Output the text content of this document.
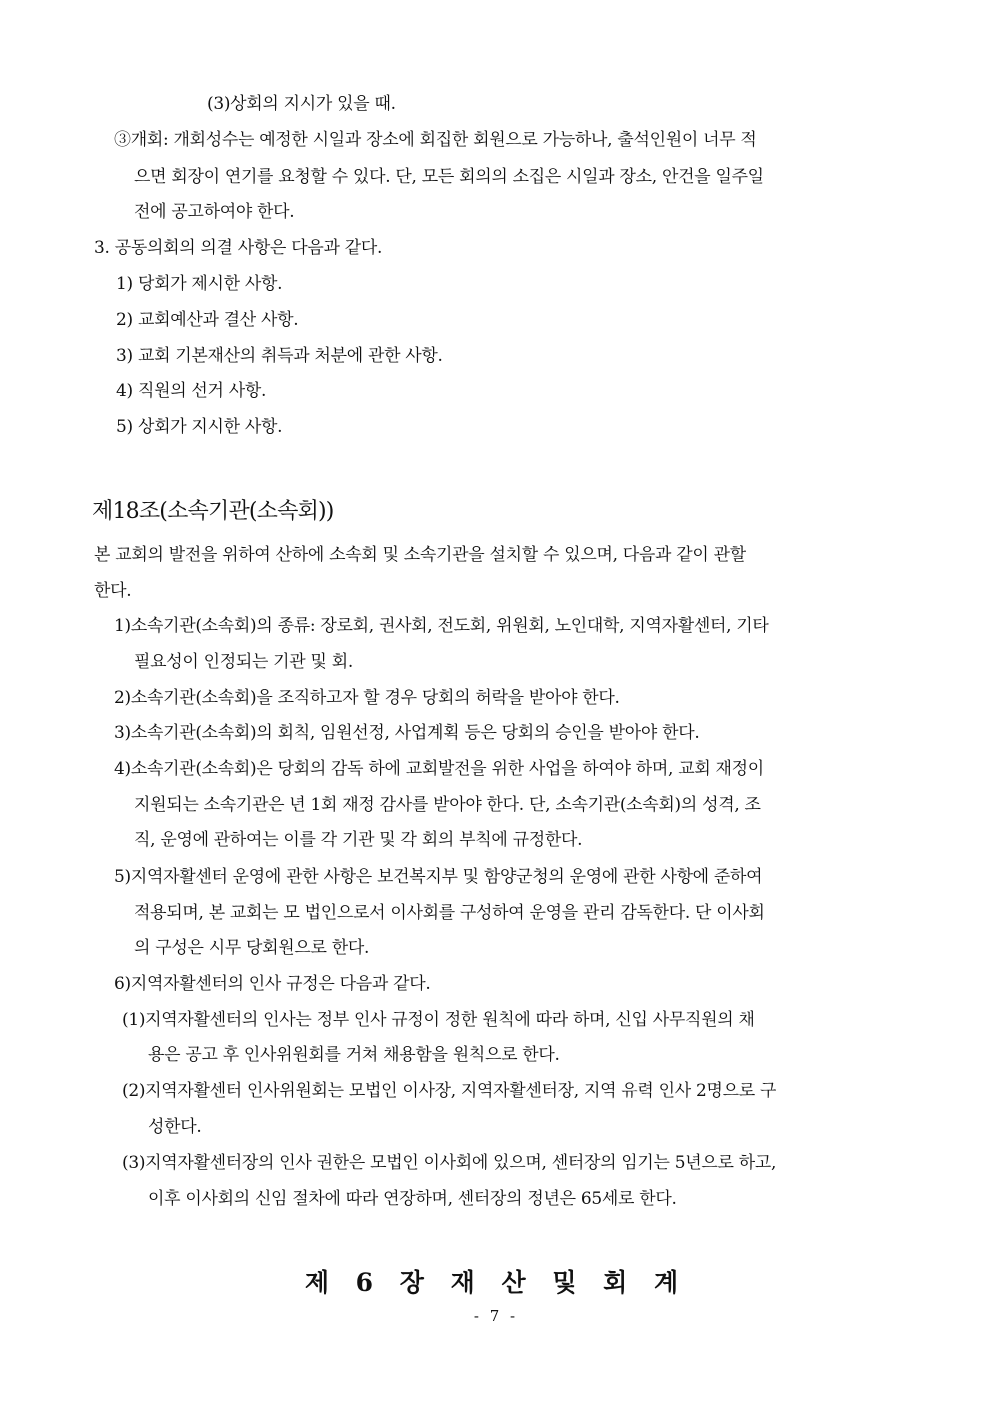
(3)상회의 지시가 있을 때.
③개회: 개회성수는 예정한 시일과 장소에 회집한 회원으로 가능하나, 출석인원이 너무 적
으면 회장이 연기를 요청할 수 있다. 단, 모든 회의의 소집은 시일과 장소, 안건을 일주일
전에 공고하여야 한다.
3. 공동의회의 의결 사항은 다음과 같다.
1) 당회가 제시한 사항.
2) 교회예산과 결산 사항.
3) 교회 기본재산의 취득과 처분에 관한 사항.
4) 직원의 선거 사항.
5) 상회가 지시한 사항.
제18조(소속기관(소속회))
본 교회의 발전을 위하여 산하에 소속회 및 소속기관을 설치할 수 있으며, 다음과 같이 관할
한다.
1)소속기관(소속회)의 종류: 장로회, 권사회, 전도회, 위원회, 노인대학, 지역자활센터, 기타
필요성이 인정되는 기관 및 회.
2)소속기관(소속회)을 조직하고자 할 경우 당회의 허락을 받아야 한다.
3)소속기관(소속회)의 회칙, 임원선정, 사업계획 등은 당회의 승인을 받아야 한다.
4)소속기관(소속회)은 당회의 감독 하에 교회발전을 위한 사업을 하여야 하며, 교회 재정이
지원되는 소속기관은 년 1회 재정 감사를 받아야 한다. 단, 소속기관(소속회)의 성격, 조
직, 운영에 관하여는 이를 각 기관 및 각 회의 부칙에 규정한다.
5)지역자활센터 운영에 관한 사항은 보건복지부 및 함양군청의 운영에 관한 사항에 준하여
적용되며, 본 교회는 모 법인으로서 이사회를 구성하여 운영을 관리 감독한다. 단 이사회
의 구성은 시무 당회원으로 한다.
6)지역자활센터의 인사 규정은 다음과 같다.
(1)지역자활센터의 인사는 정부 인사 규정이 정한 원칙에 따라 하며, 신입 사무직원의 채
용은 공고 후 인사위원회를 거쳐 채용함을 원칙으로 한다.
(2)지역자활센터 인사위원회는 모법인 이사장, 지역자활센터장, 지역 유력 인사 2명으로 구
성한다.
(3)지역자활센터장의 인사 권한은 모법인 이사회에 있으며, 센터장의 임기는 5년으로 하고,
이후 이사회의 신임 절차에 따라 연장하며, 센터장의 정년은 65세로 한다.
제 6 장 재 산 및 회 계
- 7 -
